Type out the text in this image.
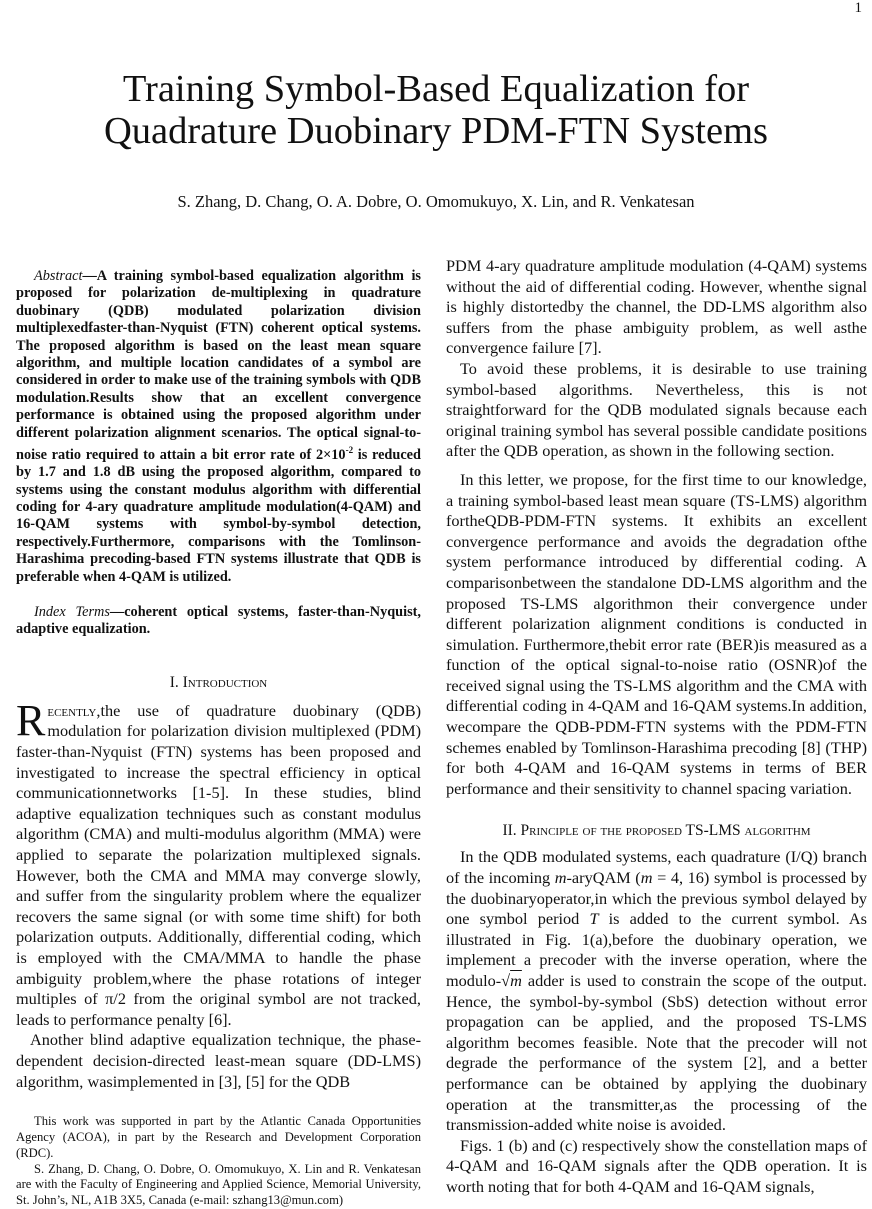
1
Training Symbol-Based Equalization for
Quadrature Duobinary PDM-FTN Systems
S. Zhang, D. Chang, O. A. Dobre, O. Omomukuyo, X. Lin, and R. Venkatesan

Abstract—A training symbol-based equalization algorithm is proposed for polarization de-multiplexing in quadrature duobinary (QDB) modulated polarization division multiplexedfaster-than-Nyquist (FTN) coherent optical systems. The proposed algorithm is based on the least mean square algorithm, and multiple location candidates of a symbol are considered in order to make use of the training symbols with QDB modulation.Results show that an excellent convergence performance is obtained using the proposed algorithm under different polarization alignment scenarios. The optical signal-to-noise ratio required to attain a bit error rate of $2\times 10^{-2}$ is reduced by 1.7 and 1.8 dB using the proposed algorithm, compared to systems using the constant modulus algorithm with differential coding for 4-ary quadrature amplitude modulation(4-QAM) and 16-QAM systems with symbol-by-symbol detection, respectively.Furthermore, comparisons with the Tomlinson-Harashima precoding-based FTN systems illustrate that QDB is preferable when 4-QAM is utilized.

Index Terms—coherent optical systems, faster-than-Nyquist, adaptive equalization.

I. Introduction

Recently,the use of quadrature duobinary (QDB) modulation for polarization division multiplexed (PDM) faster-than-Nyquist (FTN) systems has been proposed and investigated to increase the spectral efficiency in optical communicationnetworks [1-5]. In these studies, blind adaptive equalization techniques such as constant modulus algorithm (CMA) and multi-modulus algorithm (MMA) were applied to separate the polarization multiplexed signals. However, both the CMA and MMA may converge slowly, and suffer from the singularity problem where the equalizer recovers the same signal (or with some time shift) for both polarization outputs. Additionally, differential coding, which is employed with the CMA/MMA to handle the phase ambiguity problem,where the phase rotations of integer multiples of π/2 from the original symbol are not tracked, leads to performance penalty [6].

Another blind adaptive equalization technique, the phase-dependent decision-directed least-mean square (DD-LMS) algorithm, wasimplemented in [3], [5] for the QDB

This work was supported in part by the Atlantic Canada Opportunities Agency (ACOA), in part by the Research and Development Corporation (RDC).

S. Zhang, D. Chang, O. Dobre, O. Omomukuyo, X. Lin and R. Venkatesan are with the Faculty of Engineering and Applied Science, Memorial University, St. John’s, NL, A1B 3X5, Canada (e-mail: szhang13@mun.com)

PDM 4-ary quadrature amplitude modulation (4-QAM) systems without the aid of differential coding. However, whenthe signal is highly distortedby the channel, the DD-LMS algorithm also suffers from the phase ambiguity problem, as well asthe convergence failure [7].

To avoid these problems, it is desirable to use training symbol-based algorithms. Nevertheless, this is not straightforward for the QDB modulated signals because each original training symbol has several possible candidate positions after the QDB operation, as shown in the following section.

In this letter, we propose, for the first time to our knowledge, a training symbol-based least mean square (TS-LMS) algorithm fortheQDB-PDM-FTN systems. It exhibits an excellent convergence performance and avoids the degradation ofthe system performance introduced by differential coding. A comparisonbetween the standalone DD-LMS algorithm and the proposed TS-LMS algorithmon their convergence under different polarization alignment conditions is conducted in simulation. Furthermore,thebit error rate (BER)is measured as a function of the optical signal-to-noise ratio (OSNR)of the received signal using the TS-LMS algorithm and the CMA with differential coding in 4-QAM and 16-QAM systems.In addition, wecompare the QDB-PDM-FTN systems with the PDM-FTN schemes enabled by Tomlinson-Harashima precoding [8] (THP) for both 4-QAM and 16-QAM systems in terms of BER performance and their sensitivity to channel spacing variation.

II. Principle of the proposed TS-LMS algorithm

In the QDB modulated systems, each quadrature (I/Q) branch of the incoming m-aryQAM (m = 4, 16) symbol is processed by the duobinaryoperator,in which the previous symbol delayed by one symbol period T is added to the current symbol. As illustrated in Fig. 1(a),before the duobinary operation, we implement a precoder with the inverse operation, where the modulo-√m adder is used to constrain the scope of the output. Hence, the symbol-by-symbol (SbS) detection without error propagation can be applied, and the proposed TS-LMS algorithm becomes feasible. Note that the precoder will not degrade the performance of the system [2], and a better performance can be obtained by applying the duobinary operation at the transmitter,as the processing of the transmission-added white noise is avoided.

Figs. 1 (b) and (c) respectively show the constellation maps of 4-QAM and 16-QAM signals after the QDB operation. It is worth noting that for both 4-QAM and 16-QAM signals,
